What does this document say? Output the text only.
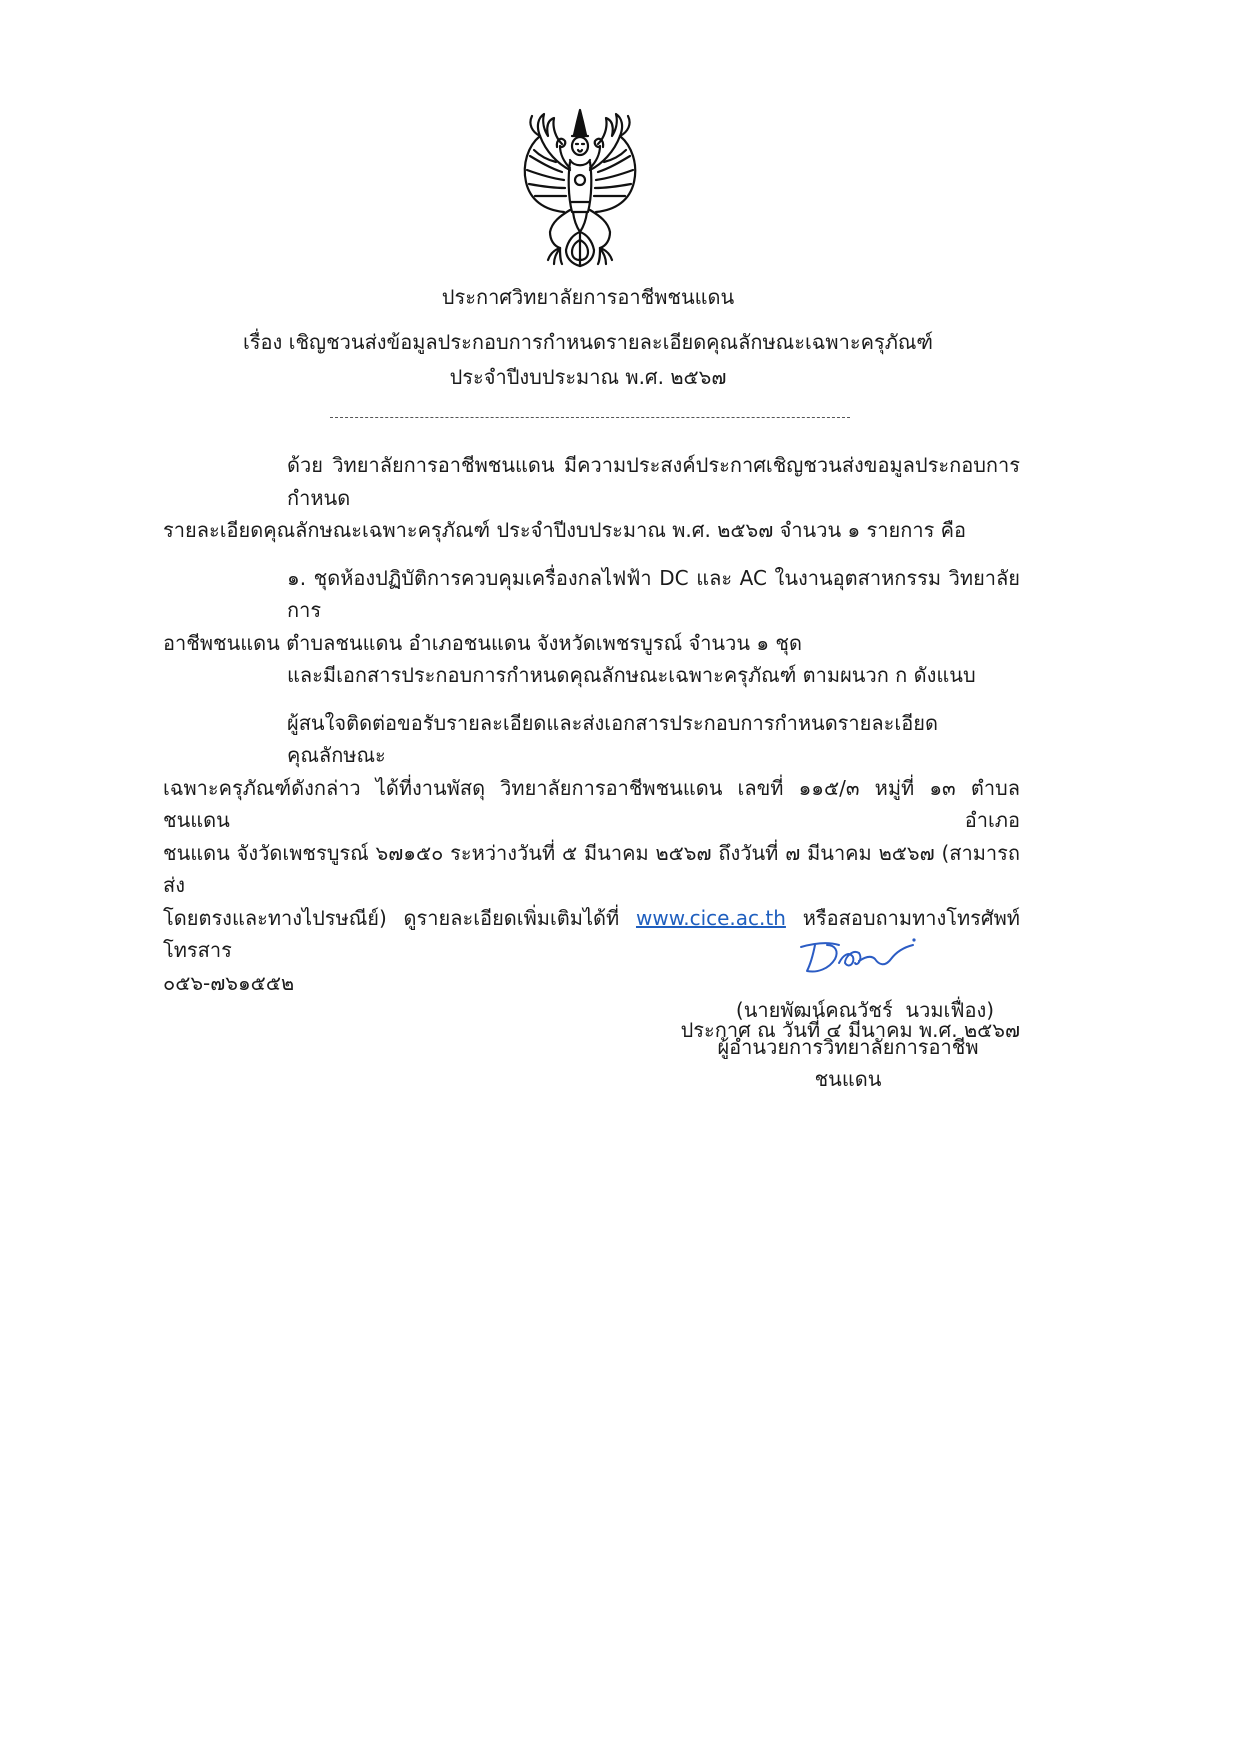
ประกาศวิทยาลัยการอาชีพชนแดน
เรื่อง เชิญชวนส่งข้อมูลประกอบการกำหนดรายละเอียดคุณลักษณะเฉพาะครุภัณฑ์
ประจำปีงบประมาณ พ.ศ. ๒๕๖๗
ด้วย วิทยาลัยการอาชีพชนแดน มีความประสงค์ประกาศเชิญชวนส่งขอมูลประกอบการกำหนด
รายละเอียดคุณลักษณะเฉพาะครุภัณฑ์ ประจำปีงบประมาณ พ.ศ. ๒๕๖๗ จำนวน ๑ รายการ คือ
๑. ชุดห้องปฏิบัติการควบคุมเครื่องกลไฟฟ้า DC และ AC ในงานอุตสาหกรรม วิทยาลัยการ
อาชีพชนแดน ตำบลชนแดน อำเภอชนแดน จังหวัดเพชรบูรณ์ จำนวน ๑ ชุด
และมีเอกสารประกอบการกำหนดคุณลักษณะเฉพาะครุภัณฑ์ ตามผนวก ก ดังแนบ
ผู้สนใจติดต่อขอรับรายละเอียดและส่งเอกสารประกอบการกำหนดรายละเอียดคุณลักษณะ
เฉพาะครุภัณฑ์ดังกล่าว ได้ที่งานพัสดุ วิทยาลัยการอาชีพชนแดน เลขที่ ๑๑๕/๓ หมู่ที่ ๑๓ ตำบลชนแดน อำเภอ
ชนแดน จังวัดเพชรบูรณ์ ๖๗๑๕๐ ระหว่างวันที่ ๕ มีนาคม ๒๕๖๗ ถึงวันที่ ๗ มีนาคม ๒๕๖๗ (สามารถส่ง
โดยตรงและทางไปรษณีย์) ดูรายละเอียดเพิ่มเติมได้ที่ www.cice.ac.th หรือสอบถามทางโทรศัพท์ โทรสาร
๐๕๖-๗๖๑๕๕๒
ประกาศ ณ วันที่ ๔ มีนาคม พ.ศ. ๒๕๖๗
(นายพัฒน์คณวัชร์  นวมเฟื่อง)
ผู้อำนวยการวิทยาลัยการอาชีพชนแดน
